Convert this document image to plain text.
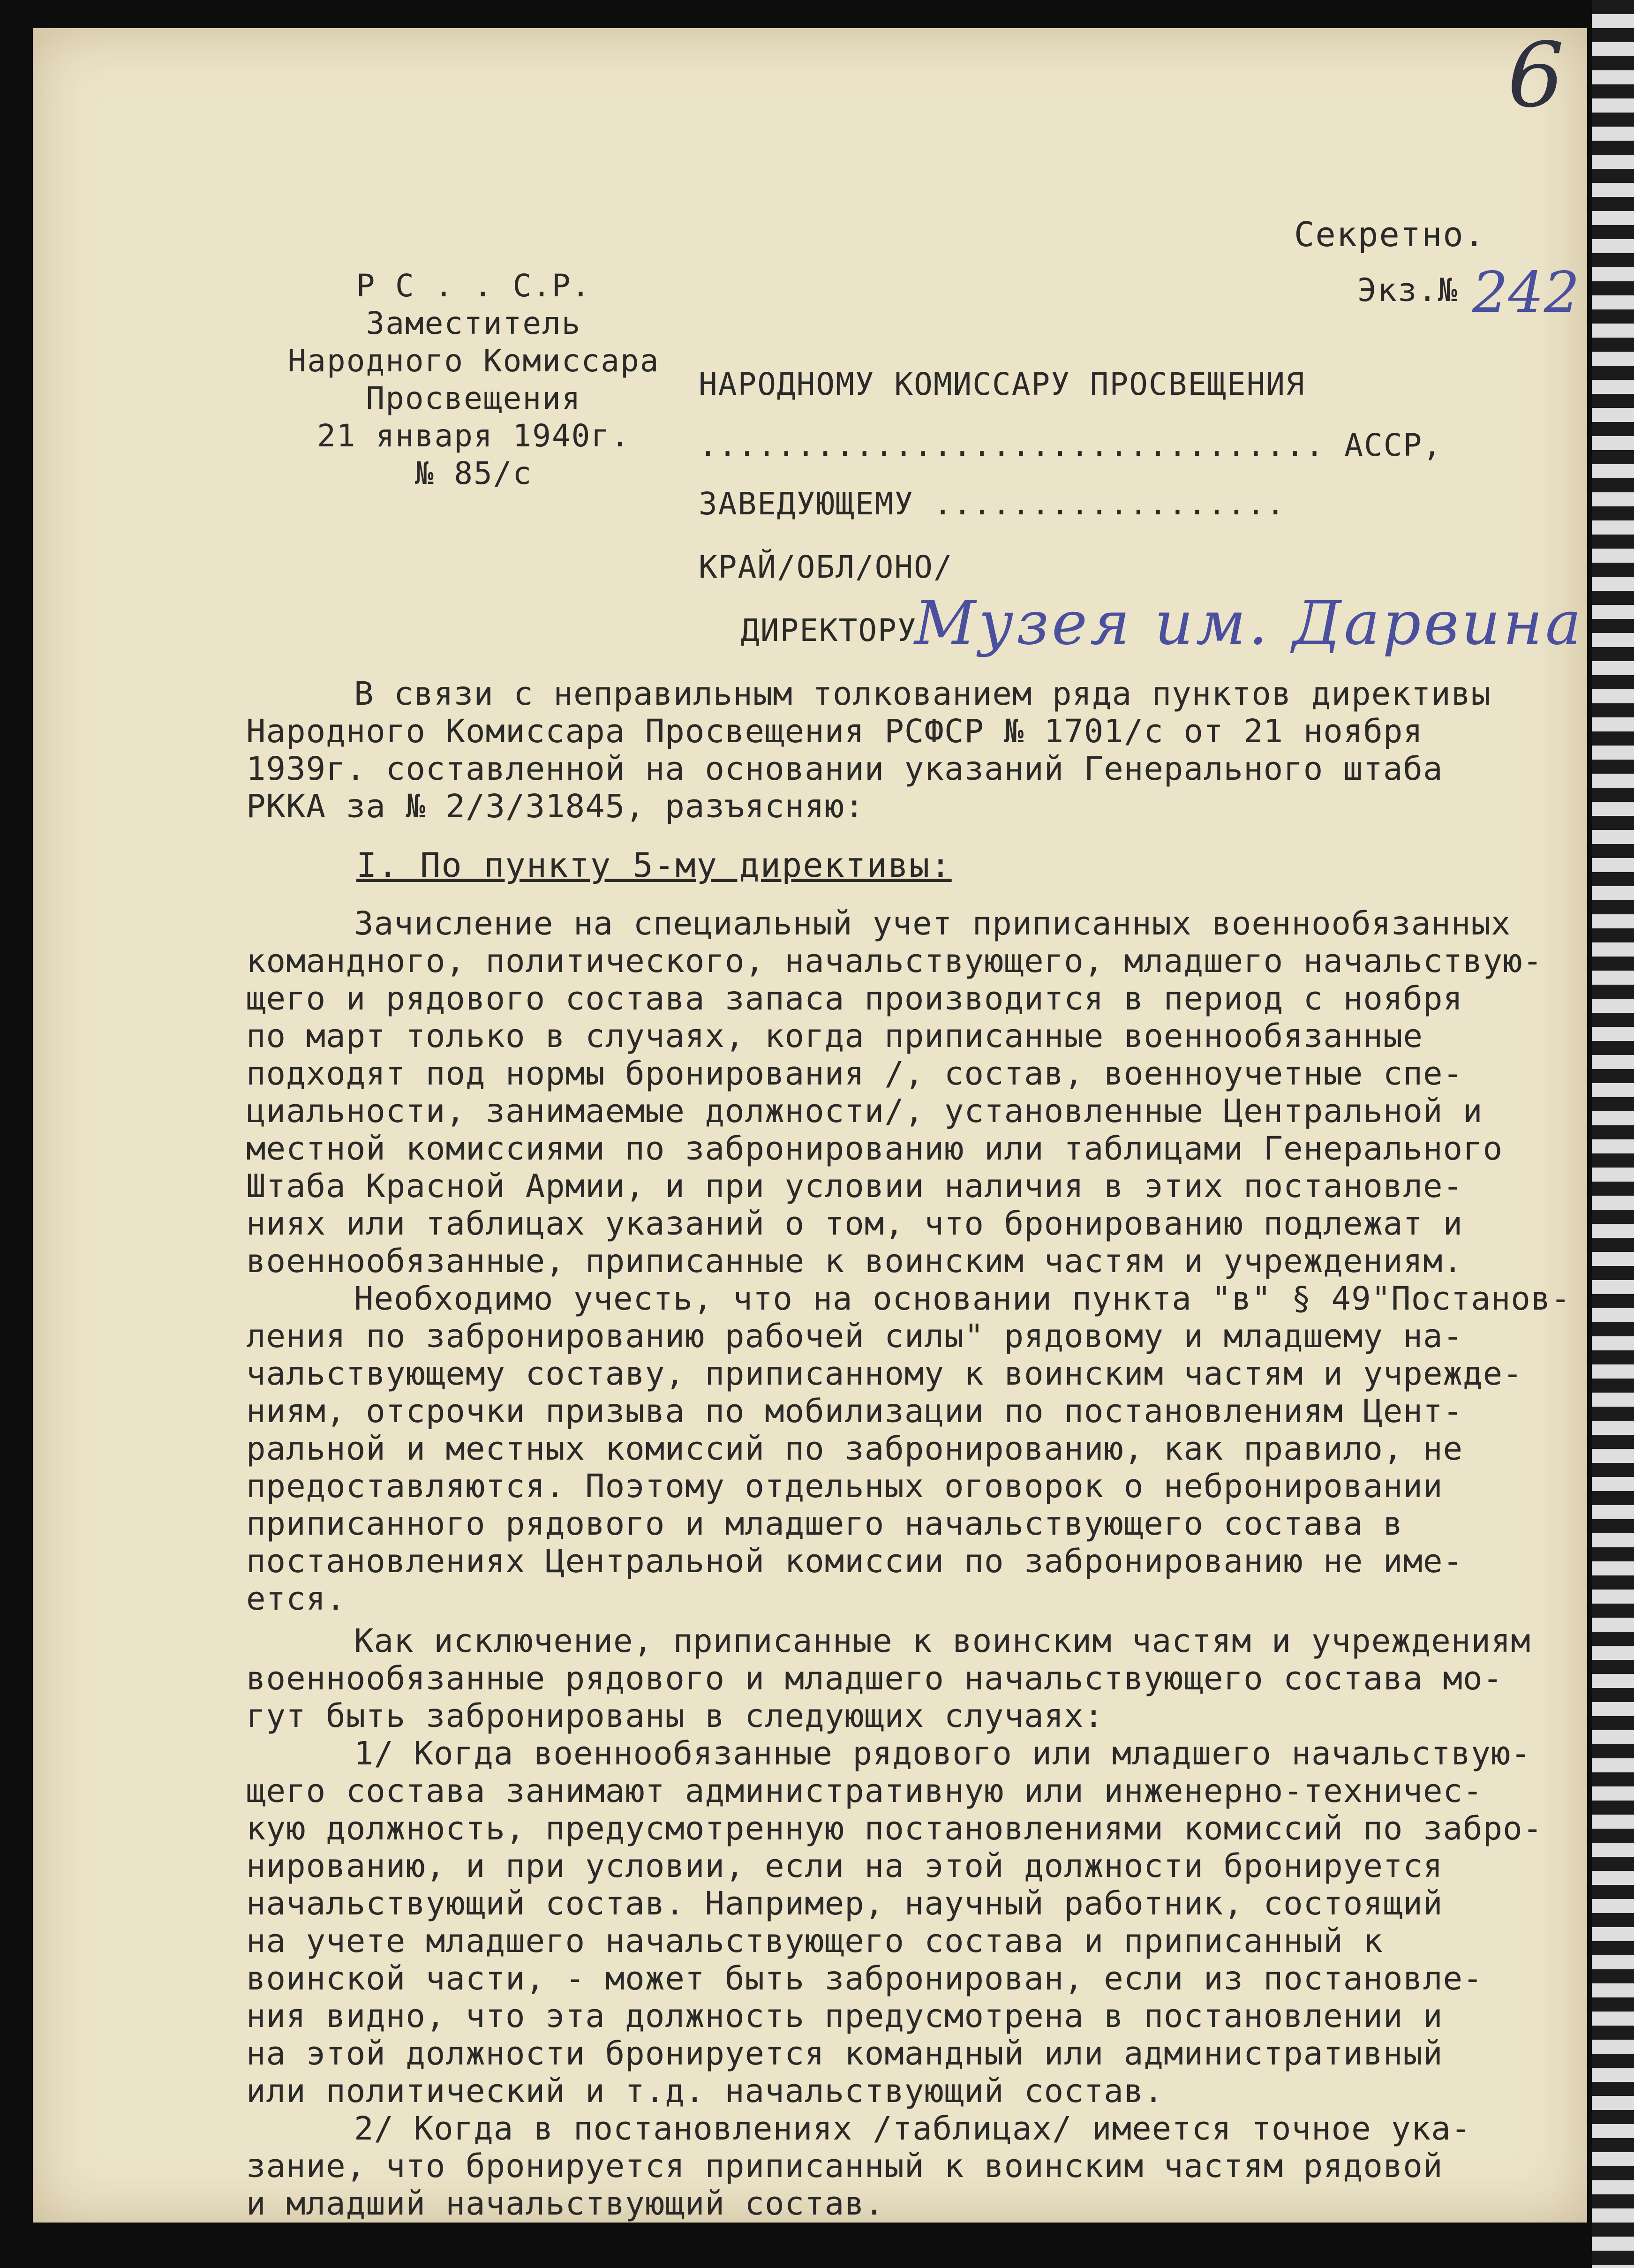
6
Секретно.
Экз.№ 242
Р С . . С.Р.
Заместитель
Народного Комиссара
Просвещения
21 января 1940г.
№ 85/с
НАРОДНОМУ КОМИССАРУ ПРОСВЕЩЕНИЯ
................................ АССР,
ЗАВЕДУЮЩЕМУ ..................
КРАЙ/ОБЛ/ОНО/
ДИРЕКТОРУ
Музея им. Дарвина
В связи с неправильным толкованием ряда пунктов директивы
Народного Комиссара Просвещения РСФСР № 1701/с от 21 ноября
1939г. составленной на основании указаний Генерального штаба
РККА за № 2/3/31845, разъясняю:
I. По пункту 5-му директивы:
Зачисление на специальный учет приписанных военнообязанных
командного, политического, начальствующего, младшего начальствую-
щего и рядового состава запаса производится в период с ноября
по март только в случаях, когда приписанные военнообязанные
подходят под нормы бронирования /, состав, военноучетные спе-
циальности, занимаемые должности/, установленные Центральной и
местной комиссиями по забронированию или таблицами Генерального
Штаба Красной Армии, и при условии наличия в этих постановле-
ниях или таблицах указаний о том, что бронированию подлежат и
военнообязанные, приписанные к воинским частям и учреждениям.
Необходимо учесть, что на основании пункта "в" § 49"Постанов-
ления по забронированию рабочей силы" рядовому и младшему на-
чальствующему составу, приписанному к воинским частям и учрежде-
ниям, отсрочки призыва по мобилизации по постановлениям Цент-
ральной и местных комиссий по забронированию, как правило, не
предоставляются. Поэтому отдельных оговорок о небронировании
приписанного рядового и младшего начальствующего состава в
постановлениях Центральной комиссии по забронированию не име-
ется.
Как исключение, приписанные к воинским частям и учреждениям
военнообязанные рядового и младшего начальствующего состава мо-
гут быть забронированы в следующих случаях:
1/ Когда военнообязанные рядового или младшего начальствую-
щего состава занимают административную или инженерно-техничес-
кую должность, предусмотренную постановлениями комиссий по забро-
нированию, и при условии, если на этой должности бронируется
начальствующий состав. Например, научный работник, состоящий
на учете младшего начальствующего состава и приписанный к
воинской части, - может быть забронирован, если из постановле-
ния видно, что эта должность предусмотрена в постановлении и
на этой должности бронируется командный или административный
или политический и т.д. начальствующий состав.
2/ Когда в постановлениях /таблицах/ имеется точное ука-
зание, что бронируется приписанный к воинским частям рядовой
и младший начальствующий состав.
